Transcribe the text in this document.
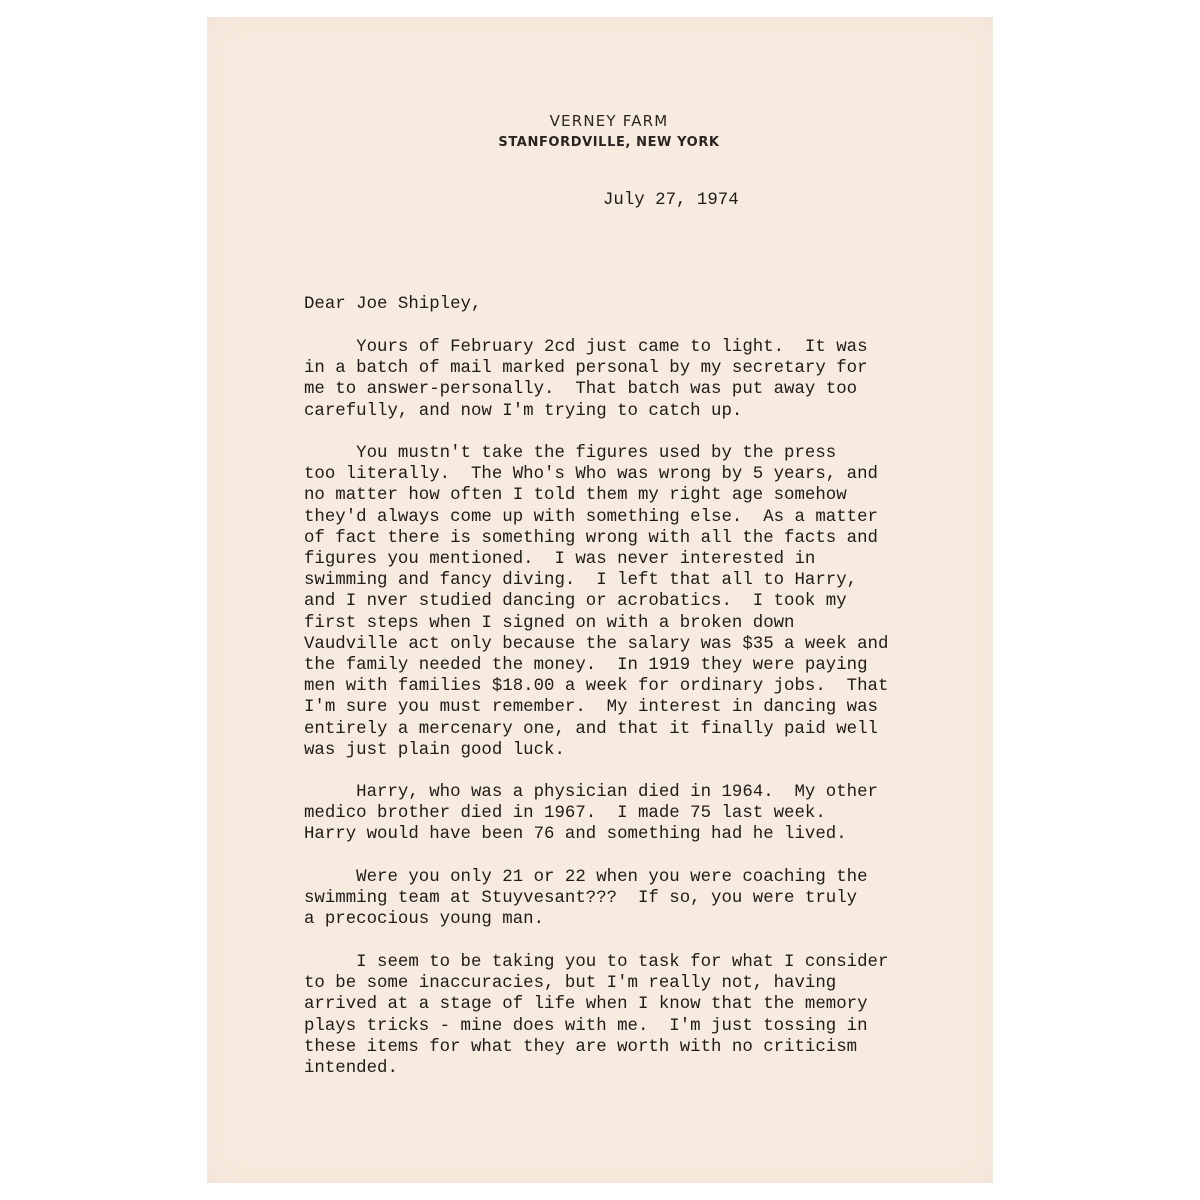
VERNEY FARM
STANFORDVILLE, NEW YORK
July 27, 1974
Dear Joe Shipley,
Yours of February 2cd just came to light.  It was
in a batch of mail marked personal by my secretary for
me to answer-personally.  That batch was put away too
carefully, and now I'm trying to catch up.
You mustn't take the figures used by the press
too literally.  The Who's Who was wrong by 5 years, and
no matter how often I told them my right age somehow
they'd always come up with something else.  As a matter
of fact there is something wrong with all the facts and
figures you mentioned.  I was never interested in
swimming and fancy diving.  I left that all to Harry,
and I nver studied dancing or acrobatics.  I took my
first steps when I signed on with a broken down
Vaudville act only because the salary was $35 a week and
the family needed the money.  In 1919 they were paying
men with families $18.00 a week for ordinary jobs.  That
I'm sure you must remember.  My interest in dancing was
entirely a mercenary one, and that it finally paid well
was just plain good luck.
Harry, who was a physician died in 1964.  My other
medico brother died in 1967.  I made 75 last week.
Harry would have been 76 and something had he lived.
Were you only 21 or 22 when you were coaching the
swimming team at Stuyvesant???  If so, you were truly
a precocious young man.
I seem to be taking you to task for what I consider
to be some inaccuracies, but I'm really not, having
arrived at a stage of life when I know that the memory
plays tricks - mine does with me.  I'm just tossing in
these items for what they are worth with no criticism
intended.
